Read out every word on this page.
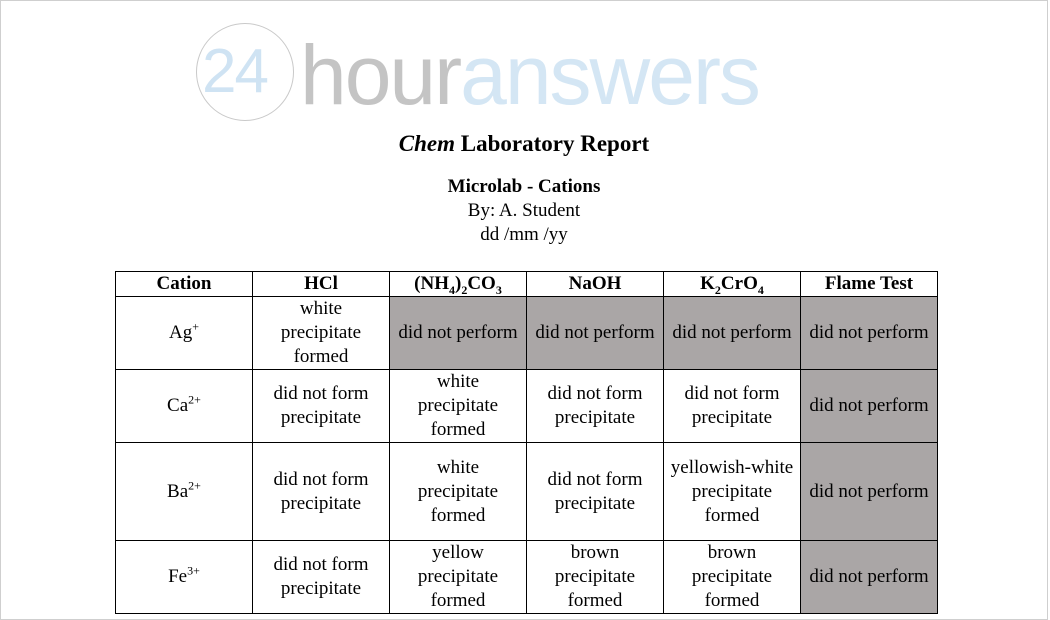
24 houranswers
Chem Laboratory Report
Microlab - Cations
By: A. Student
dd /mm /yy
Cation	HCl	$(NH_4)_2CO_3$	NaOH	$K_2CrO_4$	Flame Test
Ag+	white precipitate formed	did not perform	did not perform	did not perform	did not perform
$Ca^{2+}$	did not form precipitate	white precipitate formed	did not form precipitate	did not form precipitate	did not perform
$Ba^{2+}$	did not form precipitate	white precipitate formed	did not form precipitate	yellowish-white precipitate formed	did not perform
$Fe^{3+}$	did not form precipitate	yellow precipitate formed	brown precipitate formed	brown precipitate formed	did not perform
